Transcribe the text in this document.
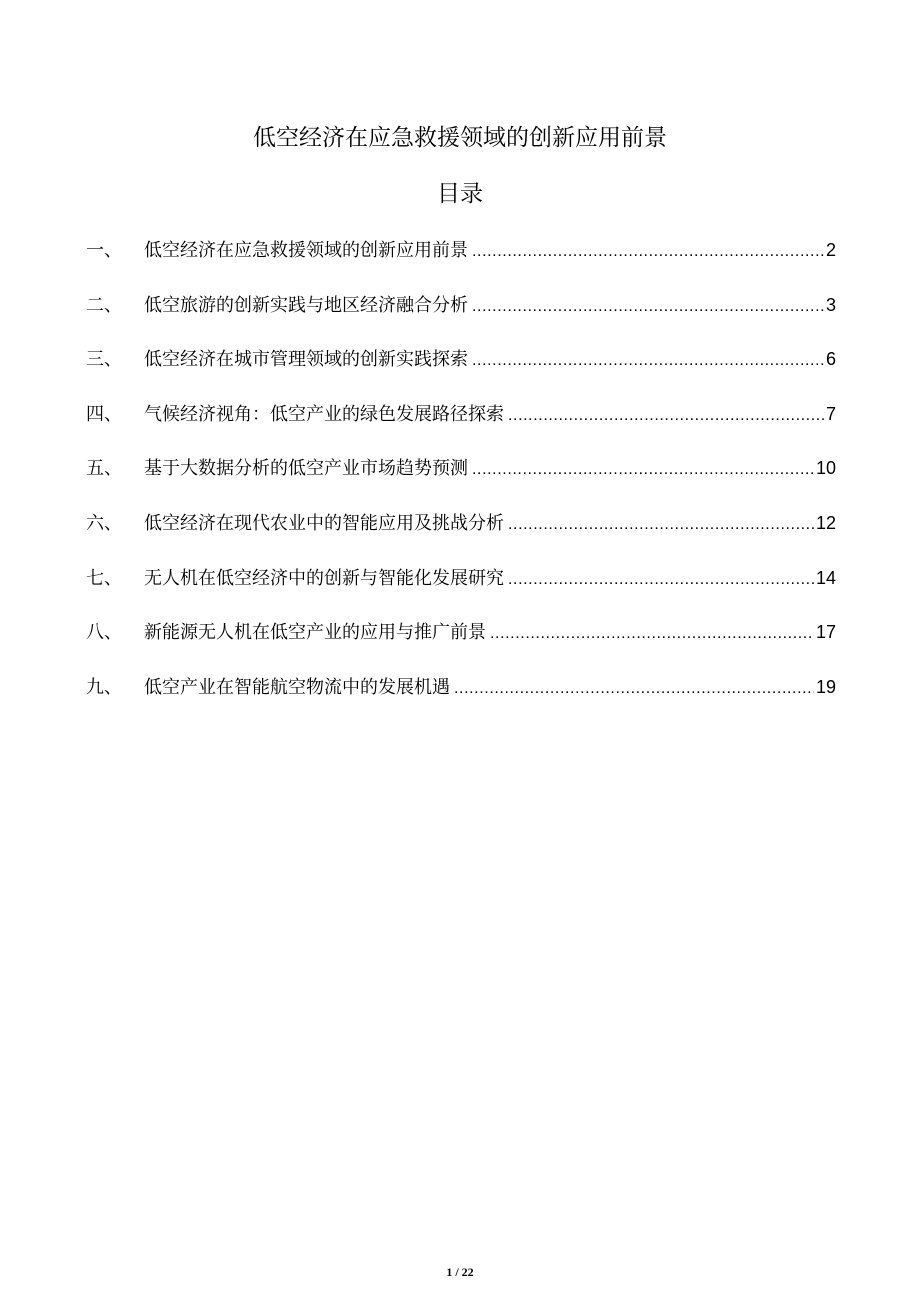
低空经济在应急救援领域的创新应用前景
目录
一、	低空经济在应急救援领域的创新应用前景 .....	2
二、	低空旅游的创新实践与地区经济融合分析 .....	3
三、	低空经济在城市管理领域的创新实践探索 .....	6
四、	气候经济视角：低空产业的绿色发展路径探索 .....	7
五、	基于大数据分析的低空产业市场趋势预测 .....	10
六、	低空经济在现代农业中的智能应用及挑战分析 .....	12
七、	无人机在低空经济中的创新与智能化发展研究 .....	14
八、	新能源无人机在低空产业的应用与推广前景 .....	17
九、	低空产业在智能航空物流中的发展机遇 .....	19
1 / 22
